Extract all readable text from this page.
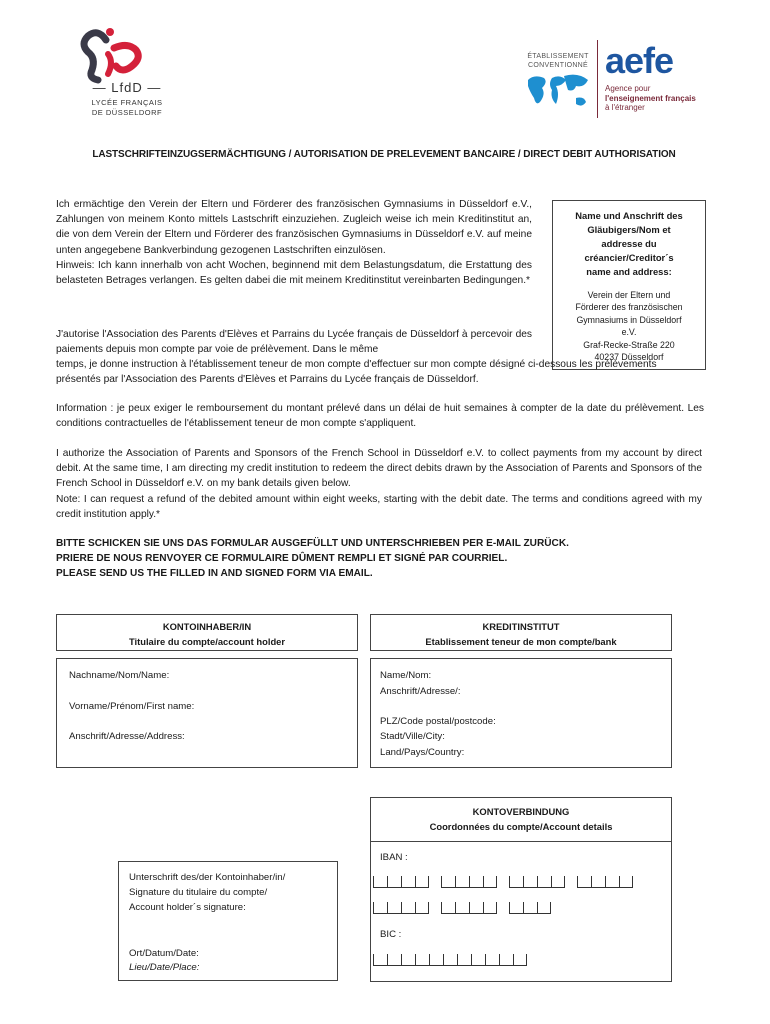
— LfdD —
LYCÉE FRANÇAIS
DE DÜSSELDORF
ÉTABLISSEMENT
CONVENTIONNÉ aefe
Agence pour
l'enseignement français
à l'étranger
LASTSCHRIFTEINZUGSERMÄCHTIGUNG / AUTORISATION DE PRELEVEMENT BANCAIRE / DIRECT DEBIT AUTHORISATION
Ich ermächtige den Verein der Eltern und Förderer des französischen Gymnasiums in Düsseldorf e.V., Zahlungen von meinem Konto mittels Lastschrift einzuziehen. Zugleich weise ich mein Kreditinstitut an, die von dem Verein der Eltern und Förderer des französischen Gymnasiums in Düsseldorf e.V. auf meine unten angegebene Bankverbindung gezogenen Lastschriften einzulösen.
Hinweis: Ich kann innerhalb von acht Wochen, beginnend mit dem Belastungsdatum, die Erstattung des belasteten Betrages verlangen. Es gelten dabei die mit meinem Kreditinstitut vereinbarten Bedingungen.*
Name und Anschrift des
Gläubigers/Nom et
addresse du
créancier/Creditor´s
name and address:
Verein der Eltern und
Förderer des französischen
Gymnasiums in Düsseldorf
e.V.
Graf-Recke-Straße 220
40237 Düsseldorf
J'autorise l'Association des Parents d'Elèves et Parrains du Lycée français de Düsseldorf à percevoir des paiements depuis mon compte par voie de prélèvement. Dans le même
temps, je donne instruction à l'établissement teneur de mon compte d'effectuer sur mon compte désigné ci-dessous les prélèvements présentés par l'Association des Parents d'Elèves et Parrains du Lycée français de Düsseldorf.
Information : je peux exiger le remboursement du montant prélevé dans un délai de huit semaines à compter de la date du prélèvement. Les conditions contractuelles de l'établissement teneur de mon compte s'appliquent.
I authorize the Association of Parents and Sponsors of the French School in Düsseldorf e.V. to collect payments from my account by direct debit. At the same time, I am directing my credit institution to redeem the direct debits drawn by the Association of Parents and Sponsors of the French School in Düsseldorf e.V. on my bank details given below.
Note: I can request a refund of the debited amount within eight weeks, starting with the debit date. The terms and conditions agreed with my credit institution apply.*
BITTE SCHICKEN SIE UNS DAS FORMULAR AUSGEFÜLLT UND UNTERSCHRIEBEN PER E-MAIL ZURÜCK.
PRIERE DE NOUS RENVOYER CE FORMULAIRE DÛMENT REMPLI ET SIGNÉ PAR COURRIEL.
PLEASE SEND US THE FILLED IN AND SIGNED FORM VIA EMAIL.
KONTOINHABER/IN
Titulaire du compte/account holder
Nachname/Nom/Name:
Vorname/Prénom/First name:
Anschrift/Adresse/Address:
KREDITINSTITUT
Etablissement teneur de mon compte/bank
Name/Nom:
Anschrift/Adresse/:
PLZ/Code postal/postcode:
Stadt/Ville/City:
Land/Pays/Country:
KONTOVERBINDUNG
Coordonnées du compte/Account details
IBAN :
BIC :
Unterschrift des/der Kontoinhaber/in/
Signature du titulaire du compte/
Account holder´s signature:
Ort/Datum/Date:
Lieu/Date/Place:
